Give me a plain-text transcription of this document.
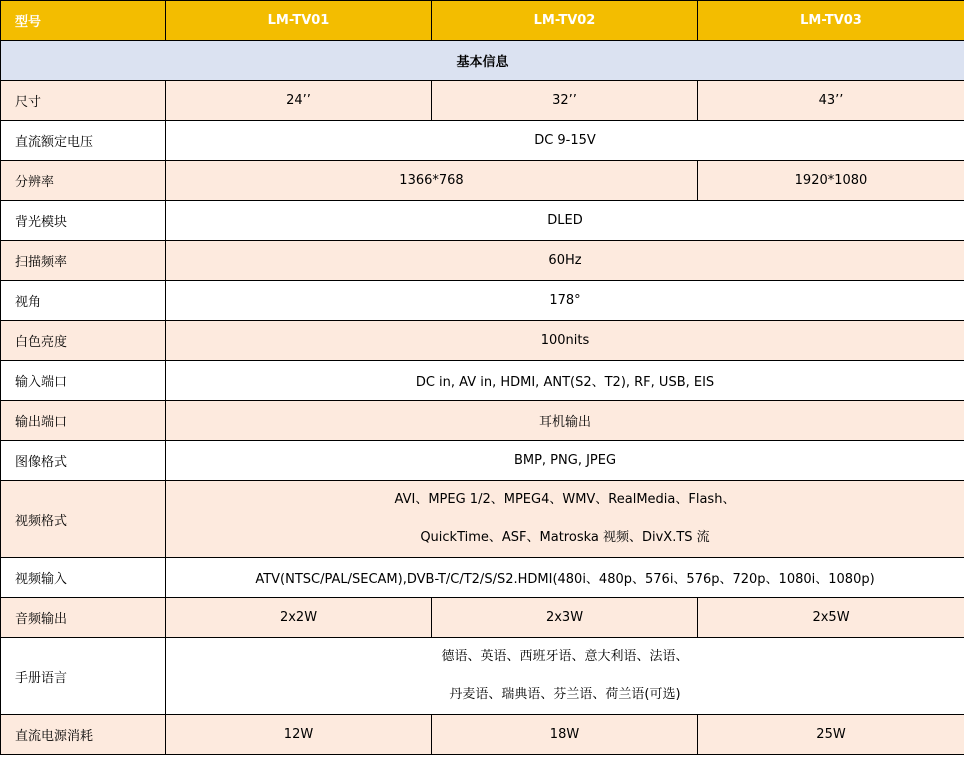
型号	LM-TV01	LM-TV02	LM-TV03
基本信息			
尺寸	24’’	32’’	43’’
直流额定电压	DC 9-15V		
分辨率	1366*768		1920*1080
背光模块	DLED		
扫描频率	60Hz		
视角	178°		
白色亮度	100nits		
输入端口	DC in, AV in, HDMI, ANT(S2、T2), RF, USB, EIS		
输出端口	耳机输出		
图像格式	BMP, PNG, JPEG		
视频格式	AVI、MPEG 1/2、MPEG4、WMV、RealMedia、Flash、
QuickTime、ASF、Matroska 视频、DivX.TS 流		

视频输入	ATV(NTSC/PAL/SECAM),DVB-T/C/T2/S/S2.HDMI(480i、480p、576i、576p、720p、1080i、1080p)		
音频输出	2x2W	2x3W	2x5W
手册语言	德语、英语、西班牙语、意大利语、法语、
丹麦语、瑞典语、芬兰语、荷兰语(可选)		

直流电源消耗	12W	18W	25W
